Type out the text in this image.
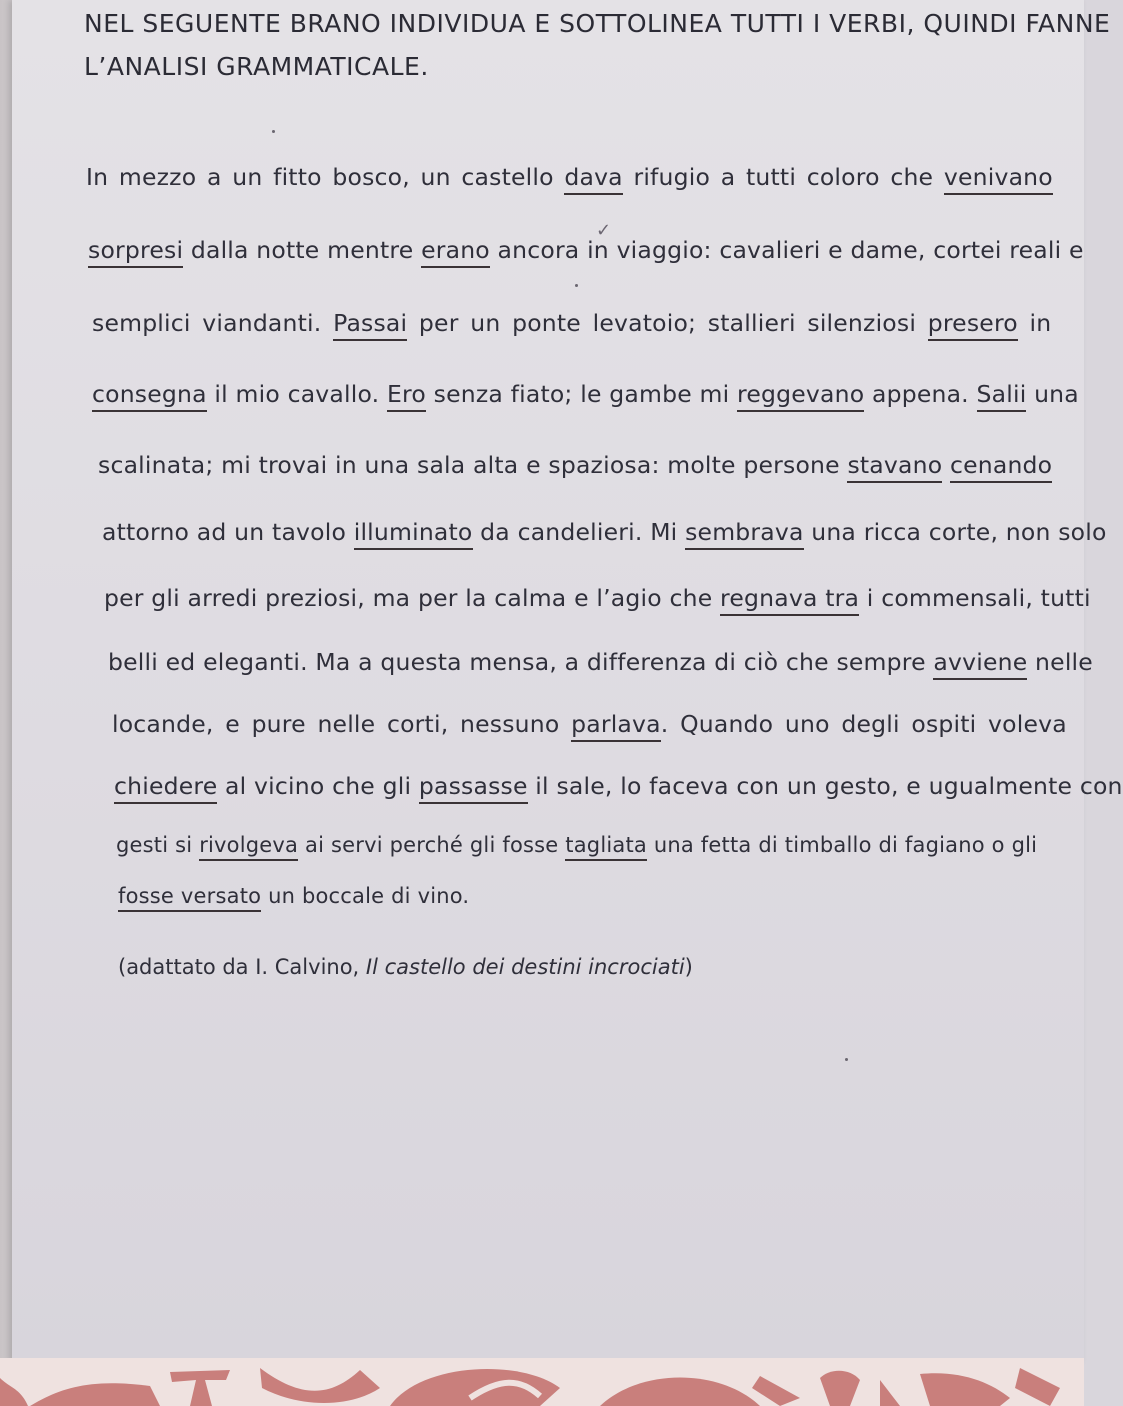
NEL SEGUENTE BRANO INDIVIDUA E SOTTOLINEA TUTTI I VERBI, QUINDI FANNE
L’ANALISI GRAMMATICALE.
✓
In mezzo a un fitto bosco, un castello dava rifugio a tutti coloro che venivano
sorpresi dalla notte mentre erano ancora in viaggio: cavalieri e dame, cortei reali e
semplici viandanti. Passai per un ponte levatoio; stallieri silenziosi presero in
consegna il mio cavallo. Ero senza fiato; le gambe mi reggevano appena. Salii una
scalinata; mi trovai in una sala alta e spaziosa: molte persone stavano cenando
attorno ad un tavolo illuminato da candelieri. Mi sembrava una ricca corte, non solo
per gli arredi preziosi, ma per la calma e l’agio che regnava tra i commensali, tutti
belli ed eleganti. Ma a questa mensa, a differenza di ciò che sempre avviene nelle
locande, e pure nelle corti, nessuno parlava. Quando uno degli ospiti voleva
chiedere al vicino che gli passasse il sale, lo faceva con un gesto, e ugualmente con
gesti si rivolgeva ai servi perché gli fosse tagliata una fetta di timballo di fagiano o gli
fosse versato un boccale di vino.
(adattato da I. Calvino, Il castello dei destini incrociati)
